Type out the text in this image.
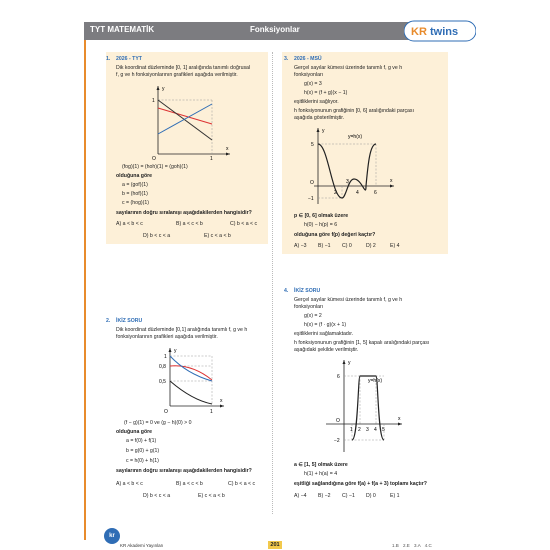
TYT MATEMATİK	Fonksiyonlar	KR twins
1. 2026 - TYT
Dik koordinat düzleminde [0, 1] aralığında tanımlı doğrusal
f, g ve h fonksiyonlarının grafikleri aşağıda verilmiştir.
y
x
1
O	1
(fog)(1) = (hoh)(1) = (goh)(1)
olduğuna göre
a = (gof)(1)
b = (hof)(1)
c = (hog)(1)
sayılarının doğru sıralanışı aşağıdakilerden hangisidir?
A) a < b < c	B) a < c < b	C) b < a < c
D) b < c < a	E) c < a < b
2. İKİZ SORU
Dik koordinat düzleminde [0,1] aralığında tanımlı f, g ve h
fonksiyonlarının grafikleri aşağıda verilmiştir.
y
x
1
0,8
0,5
O	1
(f − g)(1) = 0 ve (g − h)(0) > 0
olduğuna göre
a = f(0) + f(1)
b = g(0) + g(1)
c = h(0) + h(1)
sayılarının doğru sıralanışı aşağıdakilerden hangisidir?
A) a < b < c	B) a < c < b	C) b < a < c
D) b < c < a	E) c < a < b
3. 2026 - MSÜ
Gerçel sayılar kümesi üzerinde tanımlı f, g ve h
fonksiyonları
g(x) = 3
h(x) = (f + g)(x − 1)
eşitliklerini sağlıyor.
h fonksiyonunun grafiğinin [0, 6] aralığındaki parçası
aşağıda gösterilmiştir.
y
x
y=h(x)
5
O
−1
2
3
4	6
p ∈ [0, 6] olmak üzere
h(0) − h(p) = 6
olduğuna göre f(p) değeri kaçtır?
A) −3 B) −1 C) 0	D) 2	E) 4
4. İKİZ SORU
Gerçel sayılar kümesi üzerinde tanımlı f, g ve h
fonksiyonları
g(x) = 2
h(x) = (f · g)(x + 1)
eşitliklerini sağlamaktadır.
h fonksiyonunun grafiğinin [1, 5] kapalı aralığındaki parçası
aşağıdaki şekilde verilmiştir.
y
x
y=h(x)
6
O
−2
1 2 3 4 5
a ∈ [1, 5] olmak üzere
h(1) + h(a) = 4
eşitliği sağlandığına göre f(a) + f(a + 3) toplamı kaçtır?
A) −4 B) −2 C) −1 D) 0	E) 1
kr
KR Akademi Yayınları	201	1.B 2.E 3.A 4.C
